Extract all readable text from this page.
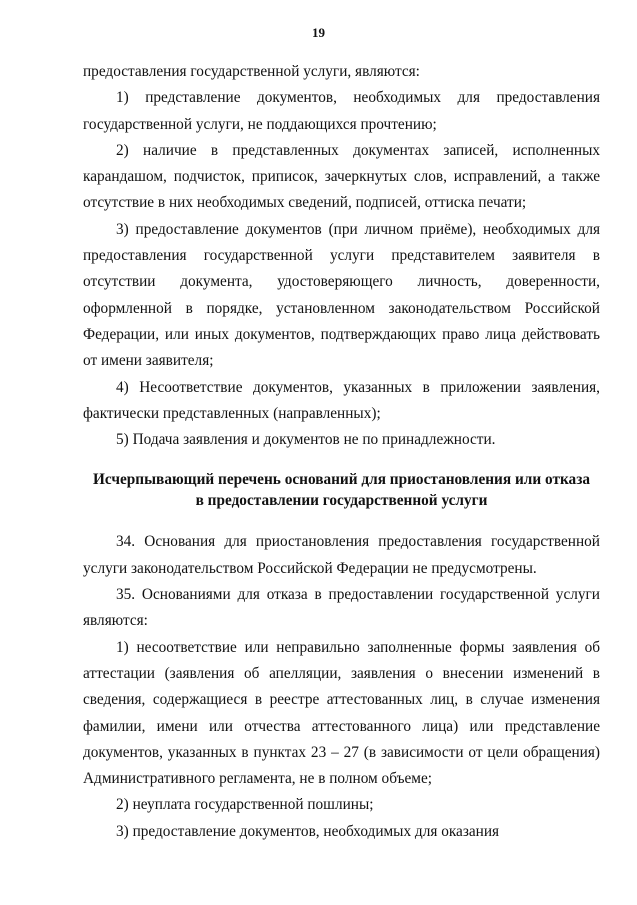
19

предоставления государственной услуги, являются:

1) представление документов, необходимых для предоставления государственной услуги, не поддающихся прочтению;

2) наличие в представленных документах записей, исполненных карандашом, подчисток, приписок, зачеркнутых слов, исправлений, а также отсутствие в них необходимых сведений, подписей, оттиска печати;

3) предоставление документов (при личном приёме), необходимых для предоставления государственной услуги представителем заявителя в отсутствии документа, удостоверяющего личность, доверенности, оформленной в порядке, установленном законодательством Российской Федерации, или иных документов, подтверждающих право лица действовать от имени заявителя;

4) Несоответствие документов, указанных в приложении заявления, фактически представленных (направленных);

5) Подача заявления и документов не по принадлежности.

Исчерпывающий перечень оснований для приостановления или отказа в предоставлении государственной услуги

34. Основания для приостановления предоставления государственной услуги законодательством Российской Федерации не предусмотрены.

35. Основаниями для отказа в предоставлении государственной услуги являются:

1) несоответствие или неправильно заполненные формы заявления об аттестации (заявления об апелляции, заявления о внесении изменений в сведения, содержащиеся в реестре аттестованных лиц, в случае изменения фамилии, имени или отчества аттестованного лица) или представление документов, указанных в пунктах 23 – 27 (в зависимости от цели обращения) Административного регламента, не в полном объеме;

2) неуплата государственной пошлины;

3) предоставление документов, необходимых для оказания
